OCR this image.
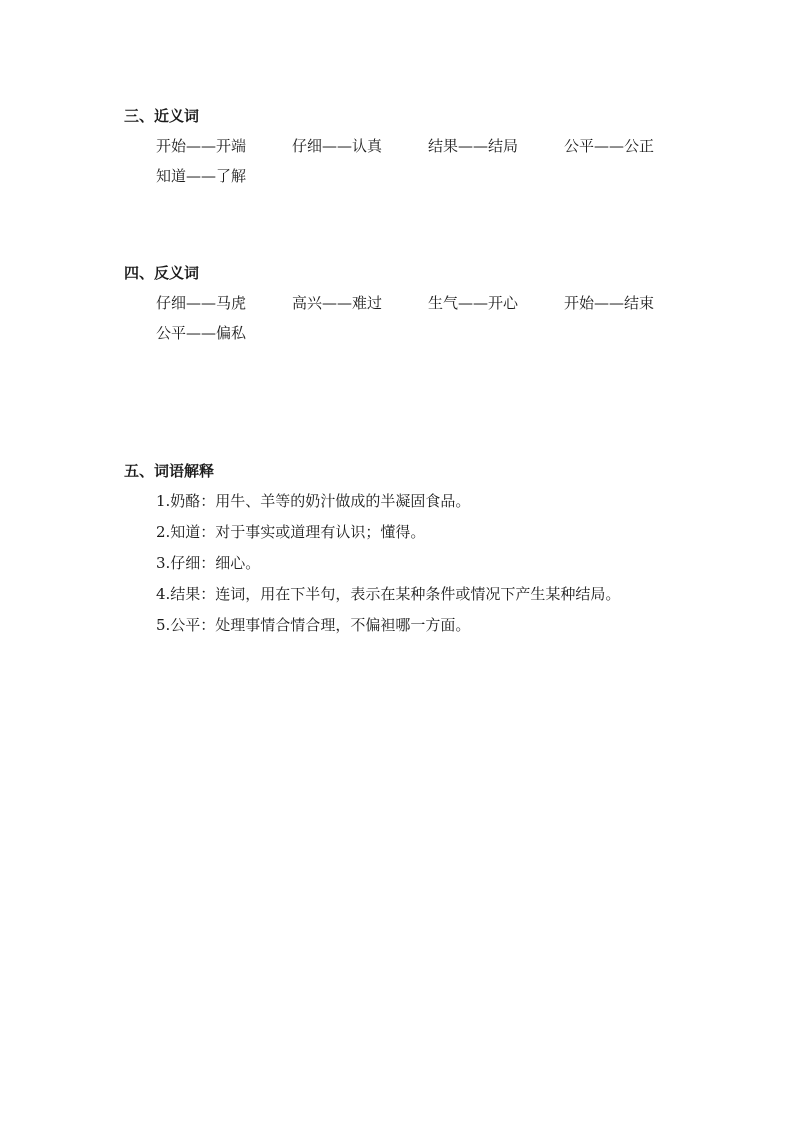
三、近义词
开始——开端	仔细——认真	结果——结局	公平——公正
知道——了解
四、反义词
仔细——马虎	高兴——难过	生气——开心	开始——结束
公平——偏私
五、词语解释
1.奶酪：用牛、羊等的奶汁做成的半凝固食品。
2.知道：对于事实或道理有认识；懂得。
3.仔细：细心。
4.结果：连词，用在下半句，表示在某种条件或情况下产生某种结局。
5.公平：处理事情合情合理，不偏袒哪一方面。
